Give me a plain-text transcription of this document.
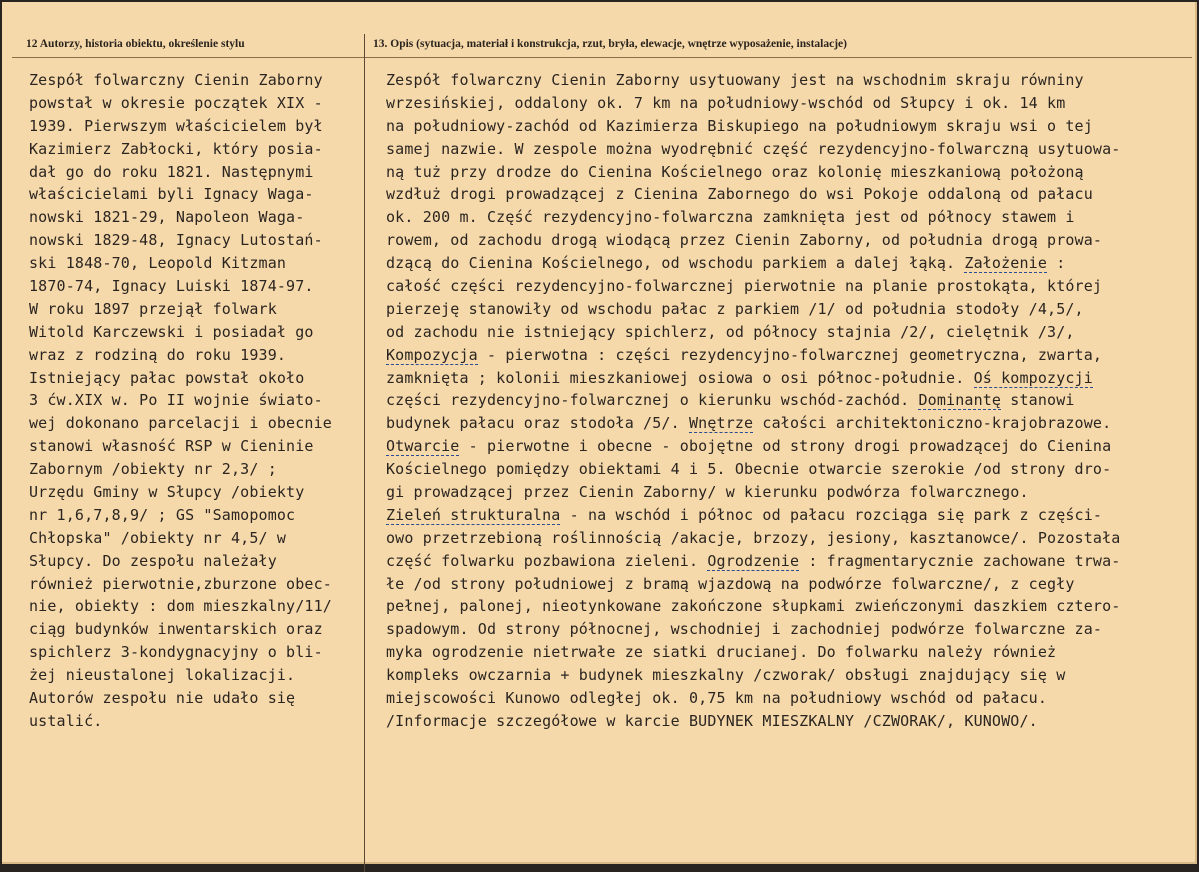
12 Autorzy, historia obiektu, określenie stylu	13. Opis (sytuacja, materiał i konstrukcja, rzut, bryła, elewacje, wnętrze wyposażenie, instalacje)
Zespół folwarczny Cienin Zaborny
powstał w okresie początek XIX -
1939. Pierwszym właścicielem był
Kazimierz Zabłocki, który posia-
dał go do roku 1821. Następnymi
właścicielami byli Ignacy Waga-
nowski 1821-29, Napoleon Waga-
nowski 1829-48, Ignacy Lutostań-
ski 1848-70, Leopold Kitzman
1870-74, Ignacy Luiski 1874-97.
W roku 1897 przejął folwark
Witold Karczewski i posiadał go
wraz z rodziną do roku 1939.
Istniejący pałac powstał około
3 ćw.XIX w. Po II wojnie świato-
wej dokonano parcelacji i obecnie
stanowi własność RSP w Cieninie
Zabornym /obiekty nr 2,3/ ;
Urzędu Gminy w Słupcy /obiekty
nr 1,6,7,8,9/ ; GS "Samopomoc
Chłopska" /obiekty nr 4,5/ w
Słupcy. Do zespołu należały
również pierwotnie,zburzone obec-
nie, obiekty : dom mieszkalny/11/
ciąg budynków inwentarskich oraz
spichlerz 3-kondygnacyjny o bli-
żej nieustalonej lokalizacji.
Autorów zespołu nie udało się
ustalić.
Zespół folwarczny Cienin Zaborny usytuowany jest na wschodnim skraju równiny
wrzesińskiej, oddalony ok. 7 km na południowy-wschód od Słupcy i ok. 14 km
na południowy-zachód od Kazimierza Biskupiego na południowym skraju wsi o tej
samej nazwie. W zespole można wyodrębnić część rezydencyjno-folwarczną usytuowa-
ną tuż przy drodze do Cienina Kościelnego oraz kolonię mieszkaniową położoną
wzdłuż drogi prowadzącej z Cienina Zabornego do wsi Pokoje oddaloną od pałacu
ok. 200 m. Część rezydencyjno-folwarczna zamknięta jest od północy stawem i
rowem, od zachodu drogą wiodącą przez Cienin Zaborny, od południa drogą prowa-
dzącą do Cienina Kościelnego, od wschodu parkiem a dalej łąką. Założenie :
całość części rezydencyjno-folwarcznej pierwotnie na planie prostokąta, której
pierzeję stanowiły od wschodu pałac z parkiem /1/ od południa stodoły /4,5/,
od zachodu nie istniejący spichlerz, od północy stajnia /2/, cielętnik /3/,
Kompozycja - pierwotna : części rezydencyjno-folwarcznej geometryczna, zwarta,
zamknięta ; kolonii mieszkaniowej osiowa o osi północ-południe. Oś kompozycji
części rezydencyjno-folwarcznej o kierunku wschód-zachód. Dominantę stanowi
budynek pałacu oraz stodoła /5/. Wnętrze całości architektoniczno-krajobrazowe.
Otwarcie - pierwotne i obecne - obojętne od strony drogi prowadzącej do Cienina
Kościelnego pomiędzy obiektami 4 i 5. Obecnie otwarcie szerokie /od strony dro-
gi prowadzącej przez Cienin Zaborny/ w kierunku podwórza folwarcznego.
Zieleń strukturalna - na wschód i północ od pałacu rozciąga się park z części-
owo przetrzebioną roślinnością /akacje, brzozy, jesiony, kasztanowce/. Pozostała
część folwarku pozbawiona zieleni. Ogrodzenie : fragmentarycznie zachowane trwa-
łe /od strony południowej z bramą wjazdową na podwórze folwarczne/, z cegły
pełnej, palonej, nieotynkowane zakończone słupkami zwieńczonymi daszkiem cztero-
spadowym. Od strony północnej, wschodniej i zachodniej podwórze folwarczne za-
myka ogrodzenie nietrwałe ze siatki drucianej. Do folwarku należy również
kompleks owczarnia + budynek mieszkalny /czworak/ obsługi znajdujący się w
miejscowości Kunowo odległej ok. 0,75 km na południowy wschód od pałacu.
/Informacje szczegółowe w karcie BUDYNEK MIESZKALNY /CZWORAK/, KUNOWO/.
